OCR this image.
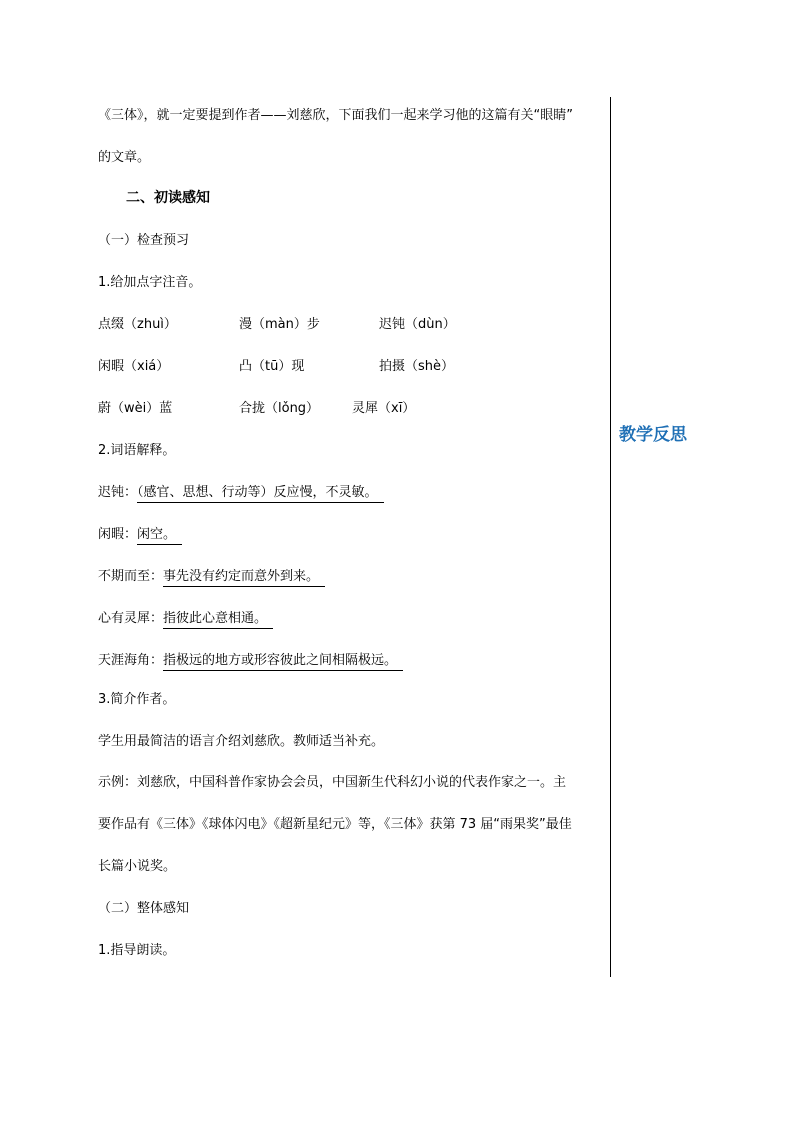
《三体》，就一定要提到作者——刘慈欣，下面我们一起来学习他的这篇有关“眼睛”
的文章。
二、初读感知
（一）检查预习
1.给加点字注音。
点缀（zhuì）	漫（màn）步	迟钝（dùn）
闲暇（xiá）	凸（tū）现	拍摄（shè）
蔚（wèi）蓝	合拢（lǒng）	灵犀（xī）
2.词语解释。
迟钝：（感官、思想、行动等）反应慢，不灵敏。
闲暇：闲空。
不期而至：事先没有约定而意外到来。
心有灵犀：指彼此心意相通。
天涯海角：指极远的地方或形容彼此之间相隔极远。
3.简介作者。
学生用最简洁的语言介绍刘慈欣。教师适当补充。
示例：刘慈欣，中国科普作家协会会员，中国新生代科幻小说的代表作家之一。主
要作品有《三体》《球体闪电》《超新星纪元》等，《三体》获第 73 届“雨果奖”最佳
长篇小说奖。
（二）整体感知
1.指导朗读。
教学反思
